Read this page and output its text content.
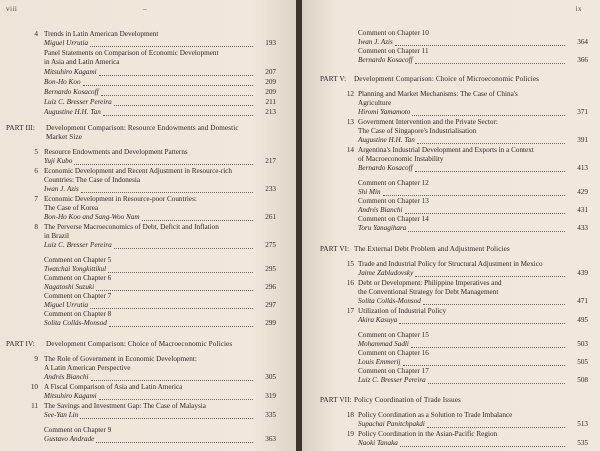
viii	–
4 Trends in Latin American Development
Miguel Urrutia	193
Panel Statements on Comparison of Economic Development
in Asia and Latin America
Mitsuhiro Kagami	207
Bon-Ho Koo	209
Bernardo Kosacoff	209
Luiz C. Bresser Pereira	211
Augustine H.H. Tan	213
PART III: Development Comparison: Resource Endowments and Domestic
Market Size
5 Resource Endowments and Development Patterns
Yuji Kubo	217
6 Economic Development and Recent Adjustment in Resource-rich
Countries: The Case of Indonesia
Iwan J. Azis	233
7 Economic Development in Resource-poor Countries:
The Case of Korea
Bon-Ho Koo and Sang-Woo Nam	261
8 The Perverse Macroeconomics of Debt, Deficit and Inflation
in Brazil
Luiz C. Bresser Pereira	275
Comment on Chapter 5
Twatchai Yongkittikul	295
Comment on Chapter 6
Nagatoshi Suzuki	296
Comment on Chapter 7
Miguel Urrutia	297
Comment on Chapter 8
Solita Collás-Monsod	299
PART IV: Development Comparison: Choice of Macroeconomic Policies
9 The Role of Government in Economic Development:
A Latin American Perspective
Andrés Bianchi	305
10 A Fiscal Comparison of Asia and Latin America
Mitsuhiro Kagami	319
11 The Savings and Investment Gap: The Case of Malaysia
See-Yan Lin	335
Comment on Chapter 9
Gustavo Andrade	363
ix
Comment on Chapter 10
Iwan J. Azis	364
Comment on Chapter 11
Bernardo Kosacoff	366
PART V: Development Comparison: Choice of Microeconomic Policies
12 Planning and Market Mechanisms: The Case of China's
Agriculture
Hiromi Yamamoto	371
13 Government Intervention and the Private Sector:
The Case of Singapore's Industrialisation
Augustine H.H. Tan	391
14 Argentina's Industrial Development and Exports in a Context
of Macroeconomic Instability
Bernardo Kosacoff	413
Comment on Chapter 12
Shi Min	429
Comment on Chapter 13
Andrés Bianchi	431
Comment on Chapter 14
Toru Yanagihara	433
PART VI: The External Debt Problem and Adjustment Policies
15 Trade and Industrial Policy for Structural Adjustment in Mexico
Jaime Zabludovsky	439
16 Debt or Development: Philippine Imperatives and
the Conventional Strategy for Debt Management
Solita Collás-Monsod	471
17 Utilization of Industrial Policy
Akira Kasuya	495
Comment on Chapter 15
Mohammad Sadli	503
Comment on Chapter 16
Louis Emmerij	505
Comment on Chapter 17
Luiz C. Bresser Pereira	508
PART VII: Policy Coordination of Trade Issues
18 Policy Coordination as a Solution to Trade Imbalance
Supachai Panitchpakdi	513
19 Policy Coordination in the Asian-Pacific Region
Naoki Tanaka	535
